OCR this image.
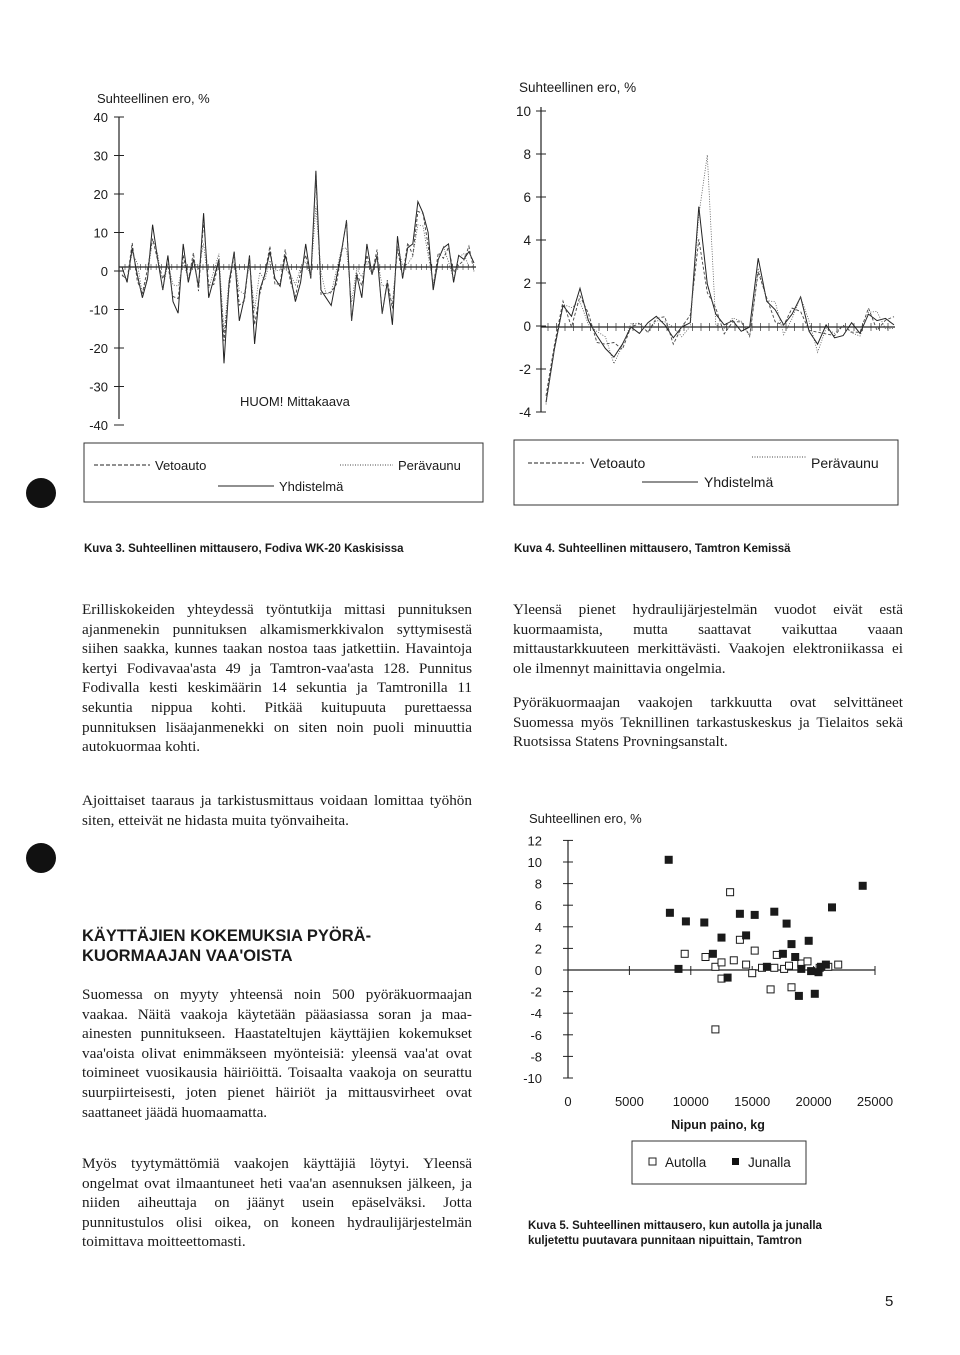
Suhteellinen ero, %
40
30
20
10
0
-10
-20
-30
-40
HUOM! Mittakaava
Vetoauto	Perävaunu
Yhdistelmä
Suhteellinen ero, %
10
8
6
4
2
0
-2
-4
Vetoauto	Perävaunu
Yhdistelmä
Suhteellinen ero, %
12
10
8
6
4
2
0
-2
-4
-6
-8
-10
0	5000 10000 15000 20000 25000
Nipun paino, kg
Autolla	Junalla
Kuva 3. Suhteellinen mittausero, Fodiva WK-20 Kaskisissa	Kuva 4. Suhteellinen mittausero, Tamtron Kemissä

Erilliskokeiden yhteydessä työntutkija mittasi punnituksen ajanmenekin punnituksen alkamismerkkivalon syttymisestä siihen saakka, kunnes taakan nostoa taas jatkettiin. Havaintoja kertyi Fodivavaa'asta 49 ja Tamtron-vaa'asta 128. Punnitus Fodivalla kesti keskimäärin 14 sekuntia ja Tamtronilla 11 sekuntia nippua kohti. Pitkää kuitupuuta purettaessa punnituksen lisäajanmenekki on siten noin puoli minuuttia autokuormaa kohti.

Ajoittaiset taaraus ja tarkistusmittaus voidaan lomittaa työhön siten, etteivät ne hidasta muita työnvaiheita.

KÄYTTÄJIEN KOKEMUKSIA PYÖRÄ-
KUORMAAJAN VAA'OISTA

Suomessa on myyty yhteensä noin 500 pyöräkuormaajan vaakaa. Näitä vaakoja käytetään pääasiassa soran ja maa-ainesten punnitukseen. Haastateltujen käyttäjien kokemukset vaa'oista olivat enimmäkseen myönteisiä: yleensä vaa'at ovat toimineet vuosikausia häiriöittä. Toisaalta vaakoja on seurattu suurpiirteisesti, joten pienet häiriöt ja mittausvirheet ovat saattaneet jäädä huomaamatta.

Myös tyytymättömiä vaakojen käyttäjiä löytyi. Yleensä ongelmat ovat ilmaantuneet heti vaa'an asennuksen jälkeen, ja niiden aiheuttaja on jäänyt usein epäselväksi. Jotta punnitustulos olisi oikea, on koneen hydraulijärjestelmän toimittava moitteettomasti.

Yleensä pienet hydraulijärjestelmän vuodot eivät estä kuormaamista, mutta saattavat vaikuttaa vaaan mittaustarkkuuteen merkittävästi. Vaakojen elektroniikassa ei ole ilmennyt mainittavia ongelmia.

Pyöräkuormaajan vaakojen tarkkuutta ovat selvittäneet Suomessa myös Teknillinen tarkastuskeskus ja Tielaitos sekä Ruotsissa Statens Provningsanstalt.

Kuva 5. Suhteellinen mittausero, kun autolla ja junalla
kuljetettu puutavara punnitaan nipuittain, Tamtron
5
